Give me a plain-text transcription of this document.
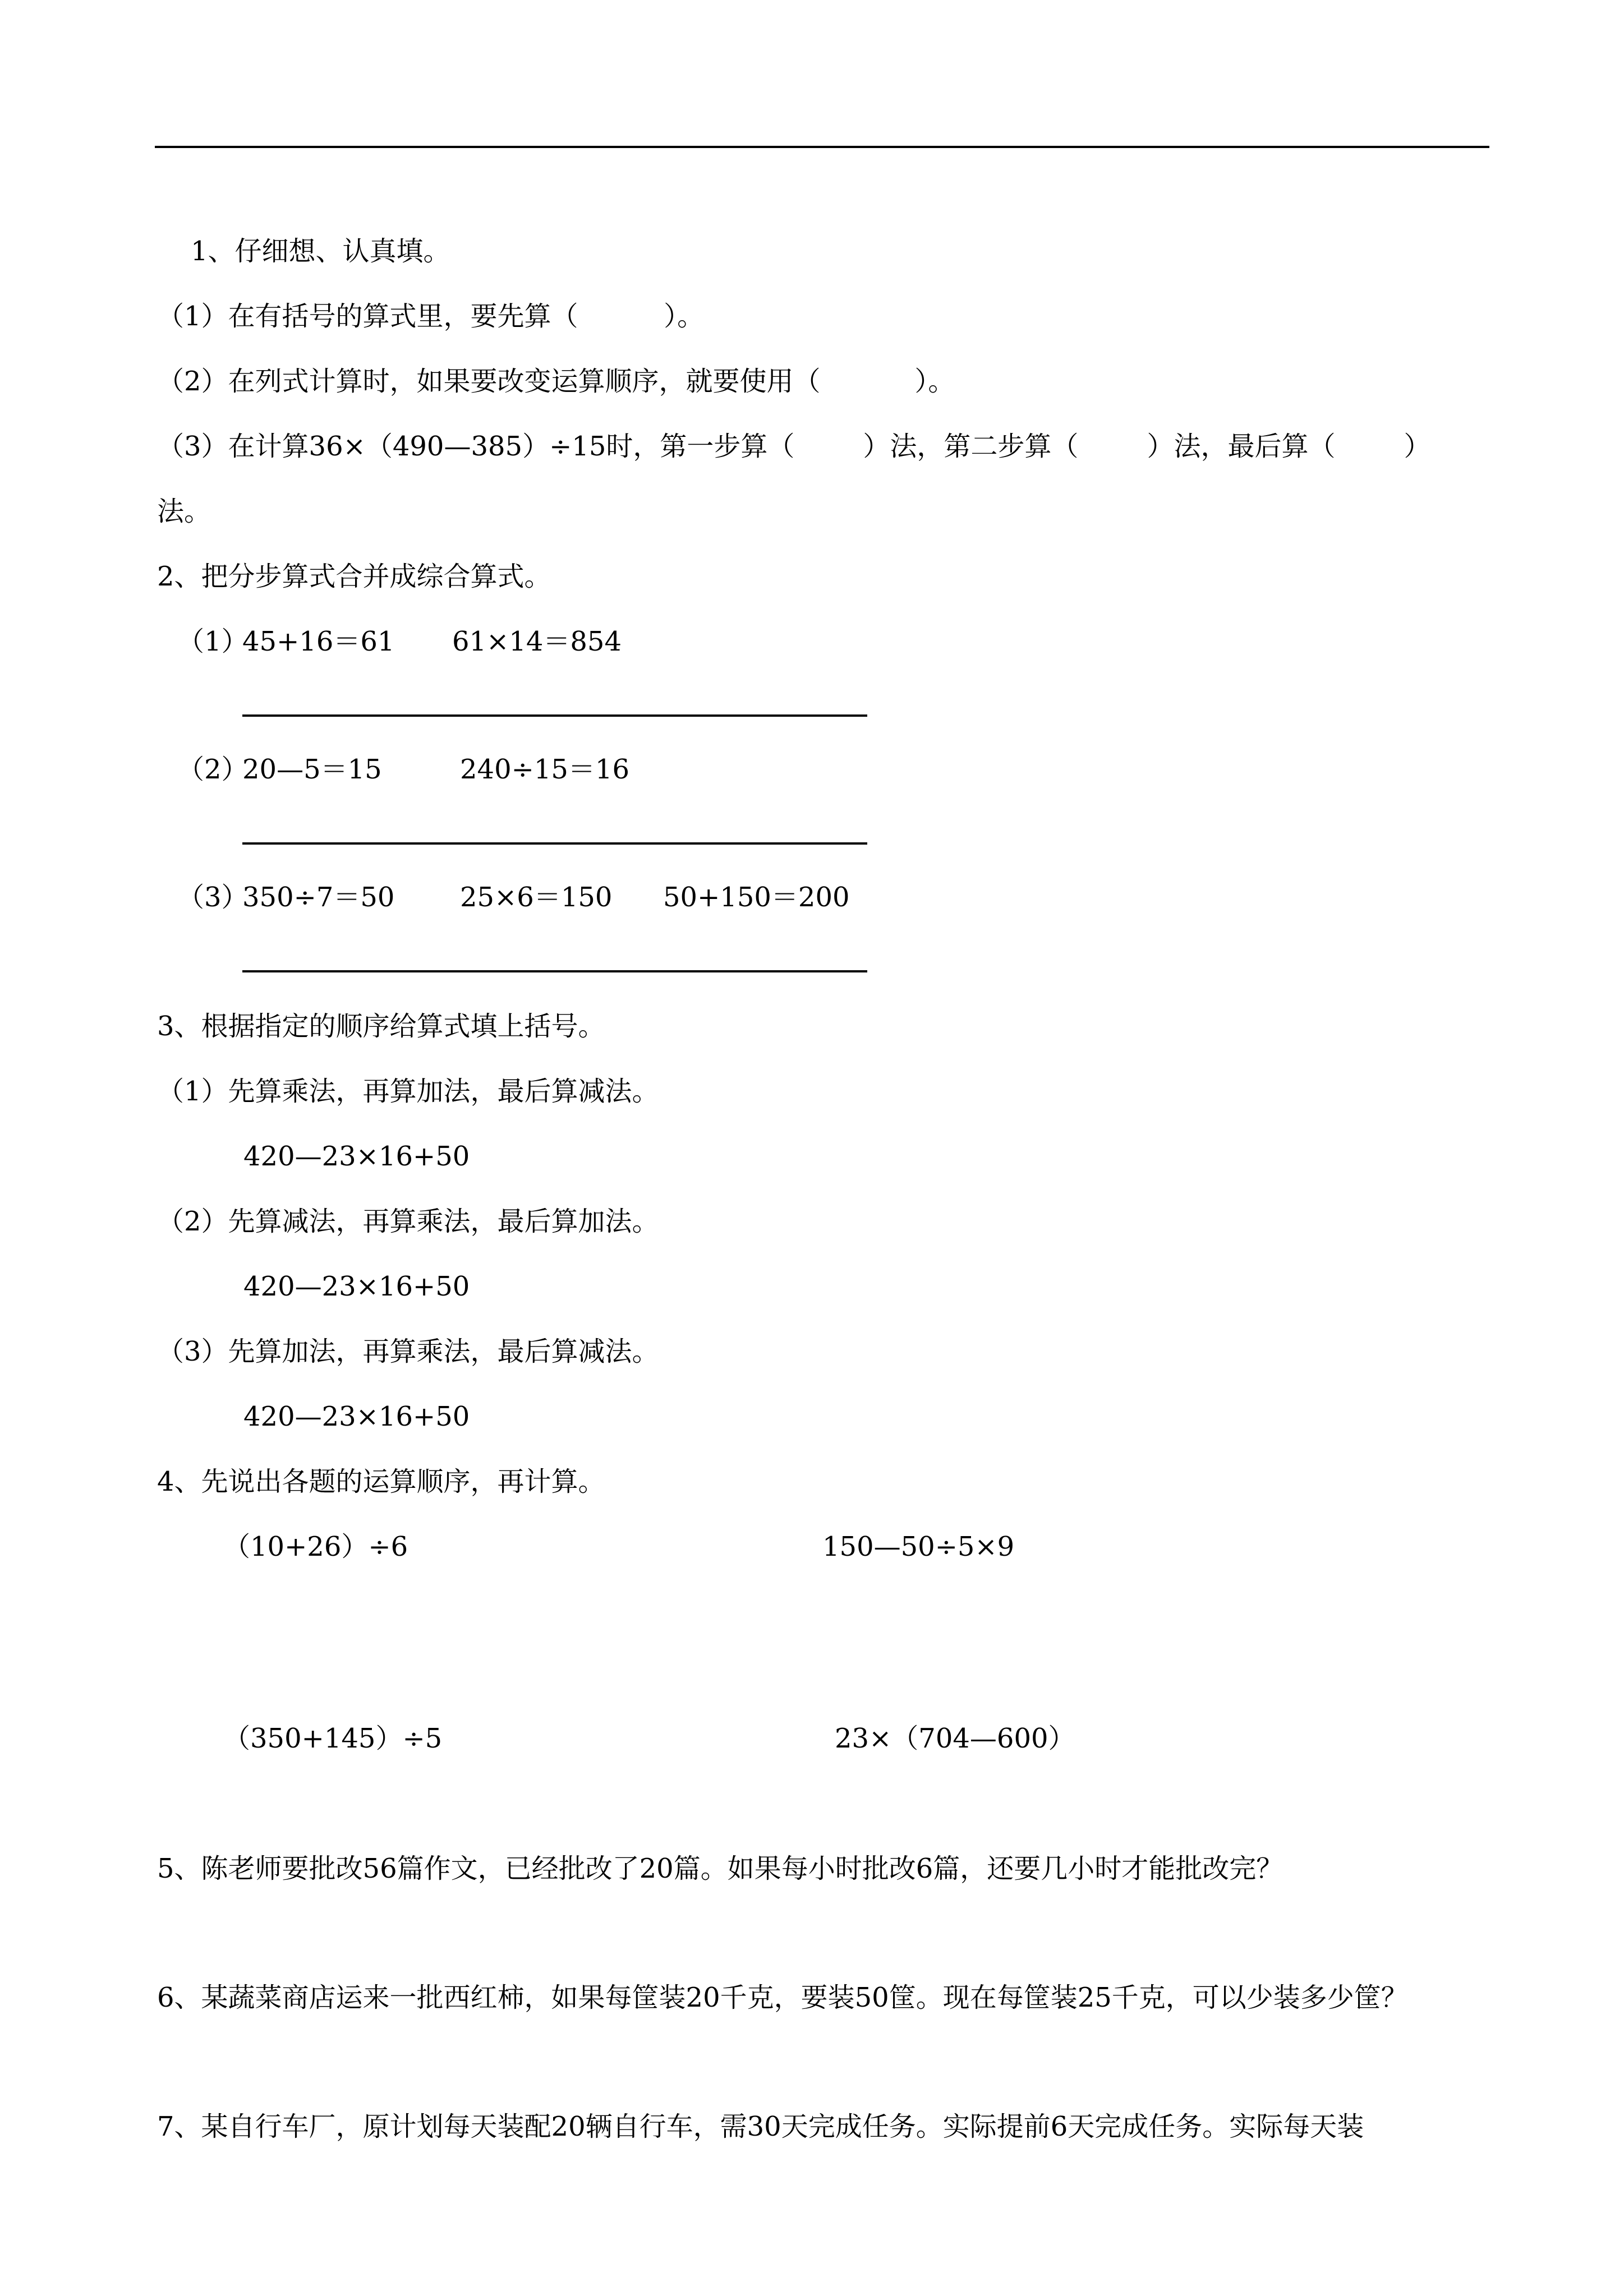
1、仔细想、认真填。
（1）在有括号的算式里，要先算（          ）。
（2）在列式计算时，如果要改变运算顺序，就要使用（           ）。
（3）在计算36×（490—385）÷15时，第一步算（        ）法，第二步算（        ）法，最后算（        ）
法。
2、把分步算式合并成综合算式。
（1）
45+16＝61 61×14＝854
（2）
20—5＝15	240÷15＝16
（3）
350÷7＝50 25×6＝150 50+150＝200
3、根据指定的顺序给算式填上括号。
（1）先算乘法，再算加法，最后算减法。
420—23×16+50
（2）先算减法，再算乘法，最后算加法。
420—23×16+50
（3）先算加法，再算乘法，最后算减法。
420—23×16+50
4、先说出各题的运算顺序，再计算。
（10+26）÷6	150—50÷5×9
（350+145）÷5	23×（704—600）
5、陈老师要批改56篇作文，已经批改了20篇。如果每小时批改6篇，还要几小时才能批改完？
6、某蔬菜商店运来一批西红柿，如果每筐装20千克，要装50筐。现在每筐装25千克，可以少装多少筐？
7、某自行车厂，原计划每天装配20辆自行车，需30天完成任务。实际提前6天完成任务。实际每天装
